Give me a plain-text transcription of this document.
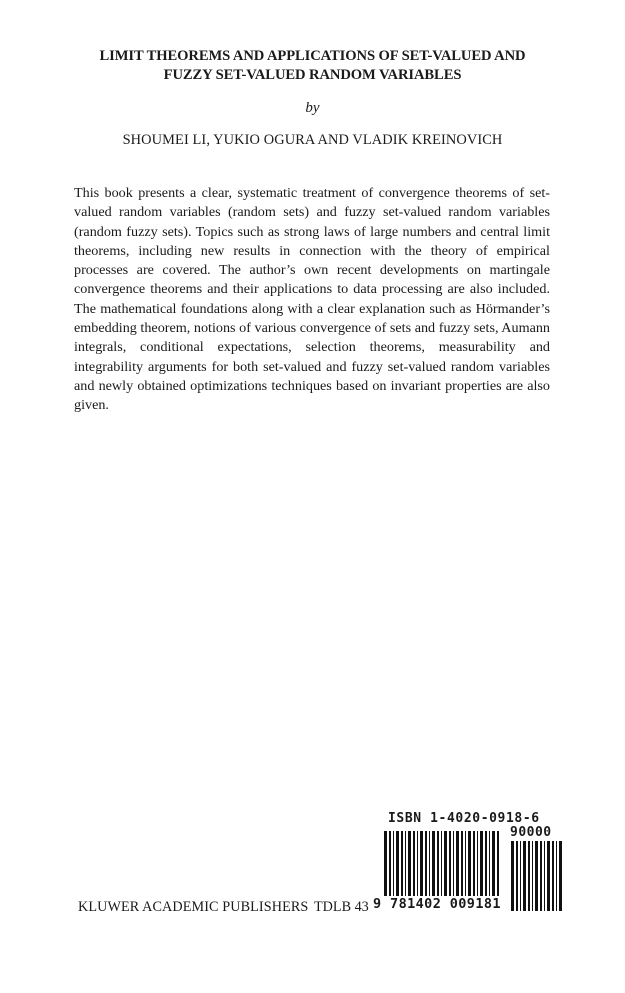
LIMIT THEOREMS AND APPLICATIONS OF SET-VALUED AND
FUZZY SET-VALUED RANDOM VARIABLES
by
SHOUMEI LI, YUKIO OGURA AND VLADIK KREINOVICH
This book presents a clear, systematic treatment of convergence theorems of set-valued random variables (random sets) and fuzzy set-valued random variables (random fuzzy sets). Topics such as strong laws of large numbers and central limit theorems, including new results in connection with the theory of empirical processes are covered. The author’s own recent developments on martingale convergence theorems and their applications to data processing are also included. The mathematical foundations along with a clear explanation such as Hörmander’s embedding theorem, notions of various convergence of sets and fuzzy sets, Aumann integrals, conditional expectations, selection theorems, measurability and integrability arguments for both set-valued and fuzzy set-valued random variables and newly obtained optimizations techniques based on invariant properties are also given.
ISBN 1-4020-0918-6
90000
9 781402 009181
KLUWER ACADEMIC PUBLISHERS TDLB 43
